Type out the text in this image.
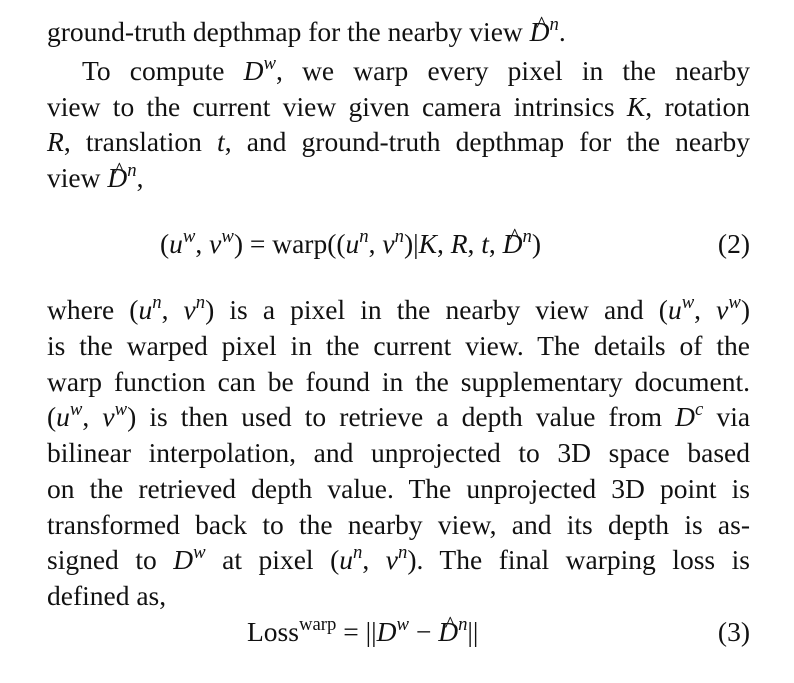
ground-truth depthmap for the nearby view ^ $D^n$.
To compute $D^w$, we warp every pixel in the nearby
view to the current view given camera intrinsics K, rotation
R, translation t, and ground-truth depthmap for the nearby
view ^ $D^n$,
($u^w$, $v^w$) = $warp((u^n$, $v^n)|K$, R, t, ^ $D^n$)	(2)
where ($u^n$, $v^n$) is a pixel in the nearby view and ($u^w$, $v^w$)
is the warped pixel in the current view. The details of the
warp function can be found in the supplementary document.
($u^w$, $v^w$) is then used to retrieve a depth value from $D^c$ via
bilinear interpolation, and unprojected to 3D space based
on the retrieved depth value. The unprojected 3D point is
transformed back to the nearby view, and its depth is as-
signed to $D^w$ at pixel ($u^n$, $v^n$). The final warping loss is
defined as,
Loss$^{warp}$ = $||D^w$ − ^ $D^n||$	(3)
